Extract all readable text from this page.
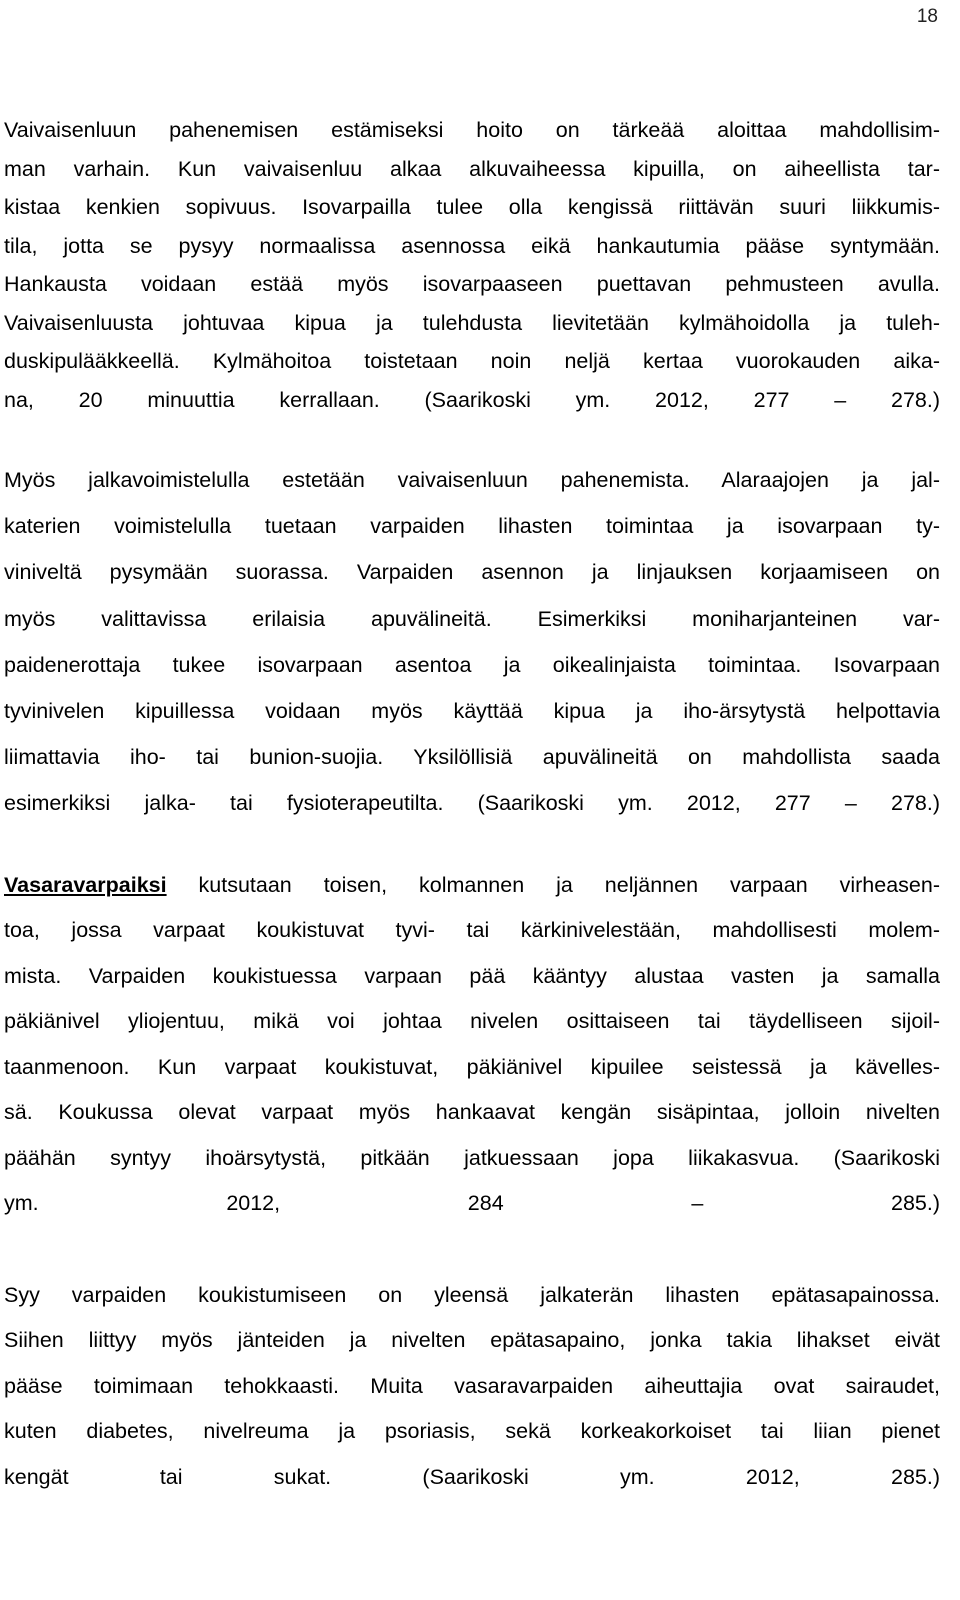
18
Vaivaisenluun pahenemisen estämiseksi hoito on tärkeää aloittaa mahdollisim-
man varhain. Kun vaivaisenluu alkaa alkuvaiheessa kipuilla, on aiheellista tar-
kistaa kenkien sopivuus. Isovarpailla tulee olla kengissä riittävän suuri liikkumis-
tila, jotta se pysyy normaalissa asennossa eikä hankautumia pääse syntymään.
Hankausta voidaan estää myös isovarpaaseen puettavan pehmusteen avulla.
Vaivaisenluusta johtuvaa kipua ja tulehdusta lievitetään kylmähoidolla ja tuleh-
duskipulääkkeellä. Kylmähoitoa toistetaan noin neljä kertaa vuorokauden aika-
na, 20 minuuttia kerrallaan. (Saarikoski ym. 2012, 277 – 278.)
Myös jalkavoimistelulla estetään vaivaisenluun pahenemista. Alaraajojen ja jal-
katerien voimistelulla tuetaan varpaiden lihasten toimintaa ja isovarpaan ty-
viniveltä pysymään suorassa. Varpaiden asennon ja linjauksen korjaamiseen on
myös valittavissa erilaisia apuvälineitä. Esimerkiksi moniharjanteinen var-
paidenerottaja tukee isovarpaan asentoa ja oikealinjaista toimintaa. Isovarpaan
tyvinivelen kipuillessa voidaan myös käyttää kipua ja iho-ärsytystä helpottavia
liimattavia iho- tai bunion-suojia. Yksilöllisiä apuvälineitä on mahdollista saada
esimerkiksi jalka- tai fysioterapeutilta. (Saarikoski ym. 2012, 277 – 278.)
Vasaravarpaiksi kutsutaan toisen, kolmannen ja neljännen varpaan virheasen-
toa, jossa varpaat koukistuvat tyvi- tai kärkinivelestään, mahdollisesti molem-
mista. Varpaiden koukistuessa varpaan pää kääntyy alustaa vasten ja samalla
päkiänivel yliojentuu, mikä voi johtaa nivelen osittaiseen tai täydelliseen sijoil-
taanmenoon. Kun varpaat koukistuvat, päkiänivel kipuilee seistessä ja kävelles-
sä. Koukussa olevat varpaat myös hankaavat kengän sisäpintaa, jolloin nivelten
päähän syntyy ihoärsytystä, pitkään jatkuessaan jopa liikakasvua. (Saarikoski
ym. 2012, 284 – 285.)
Syy varpaiden koukistumiseen on yleensä jalkaterän lihasten epätasapainossa.
Siihen liittyy myös jänteiden ja nivelten epätasapaino, jonka takia lihakset eivät
pääse toimimaan tehokkaasti. Muita vasaravarpaiden aiheuttajia ovat sairaudet,
kuten diabetes, nivelreuma ja psoriasis, sekä korkeakorkoiset tai liian pienet
kengät tai sukat. (Saarikoski ym. 2012, 285.)
